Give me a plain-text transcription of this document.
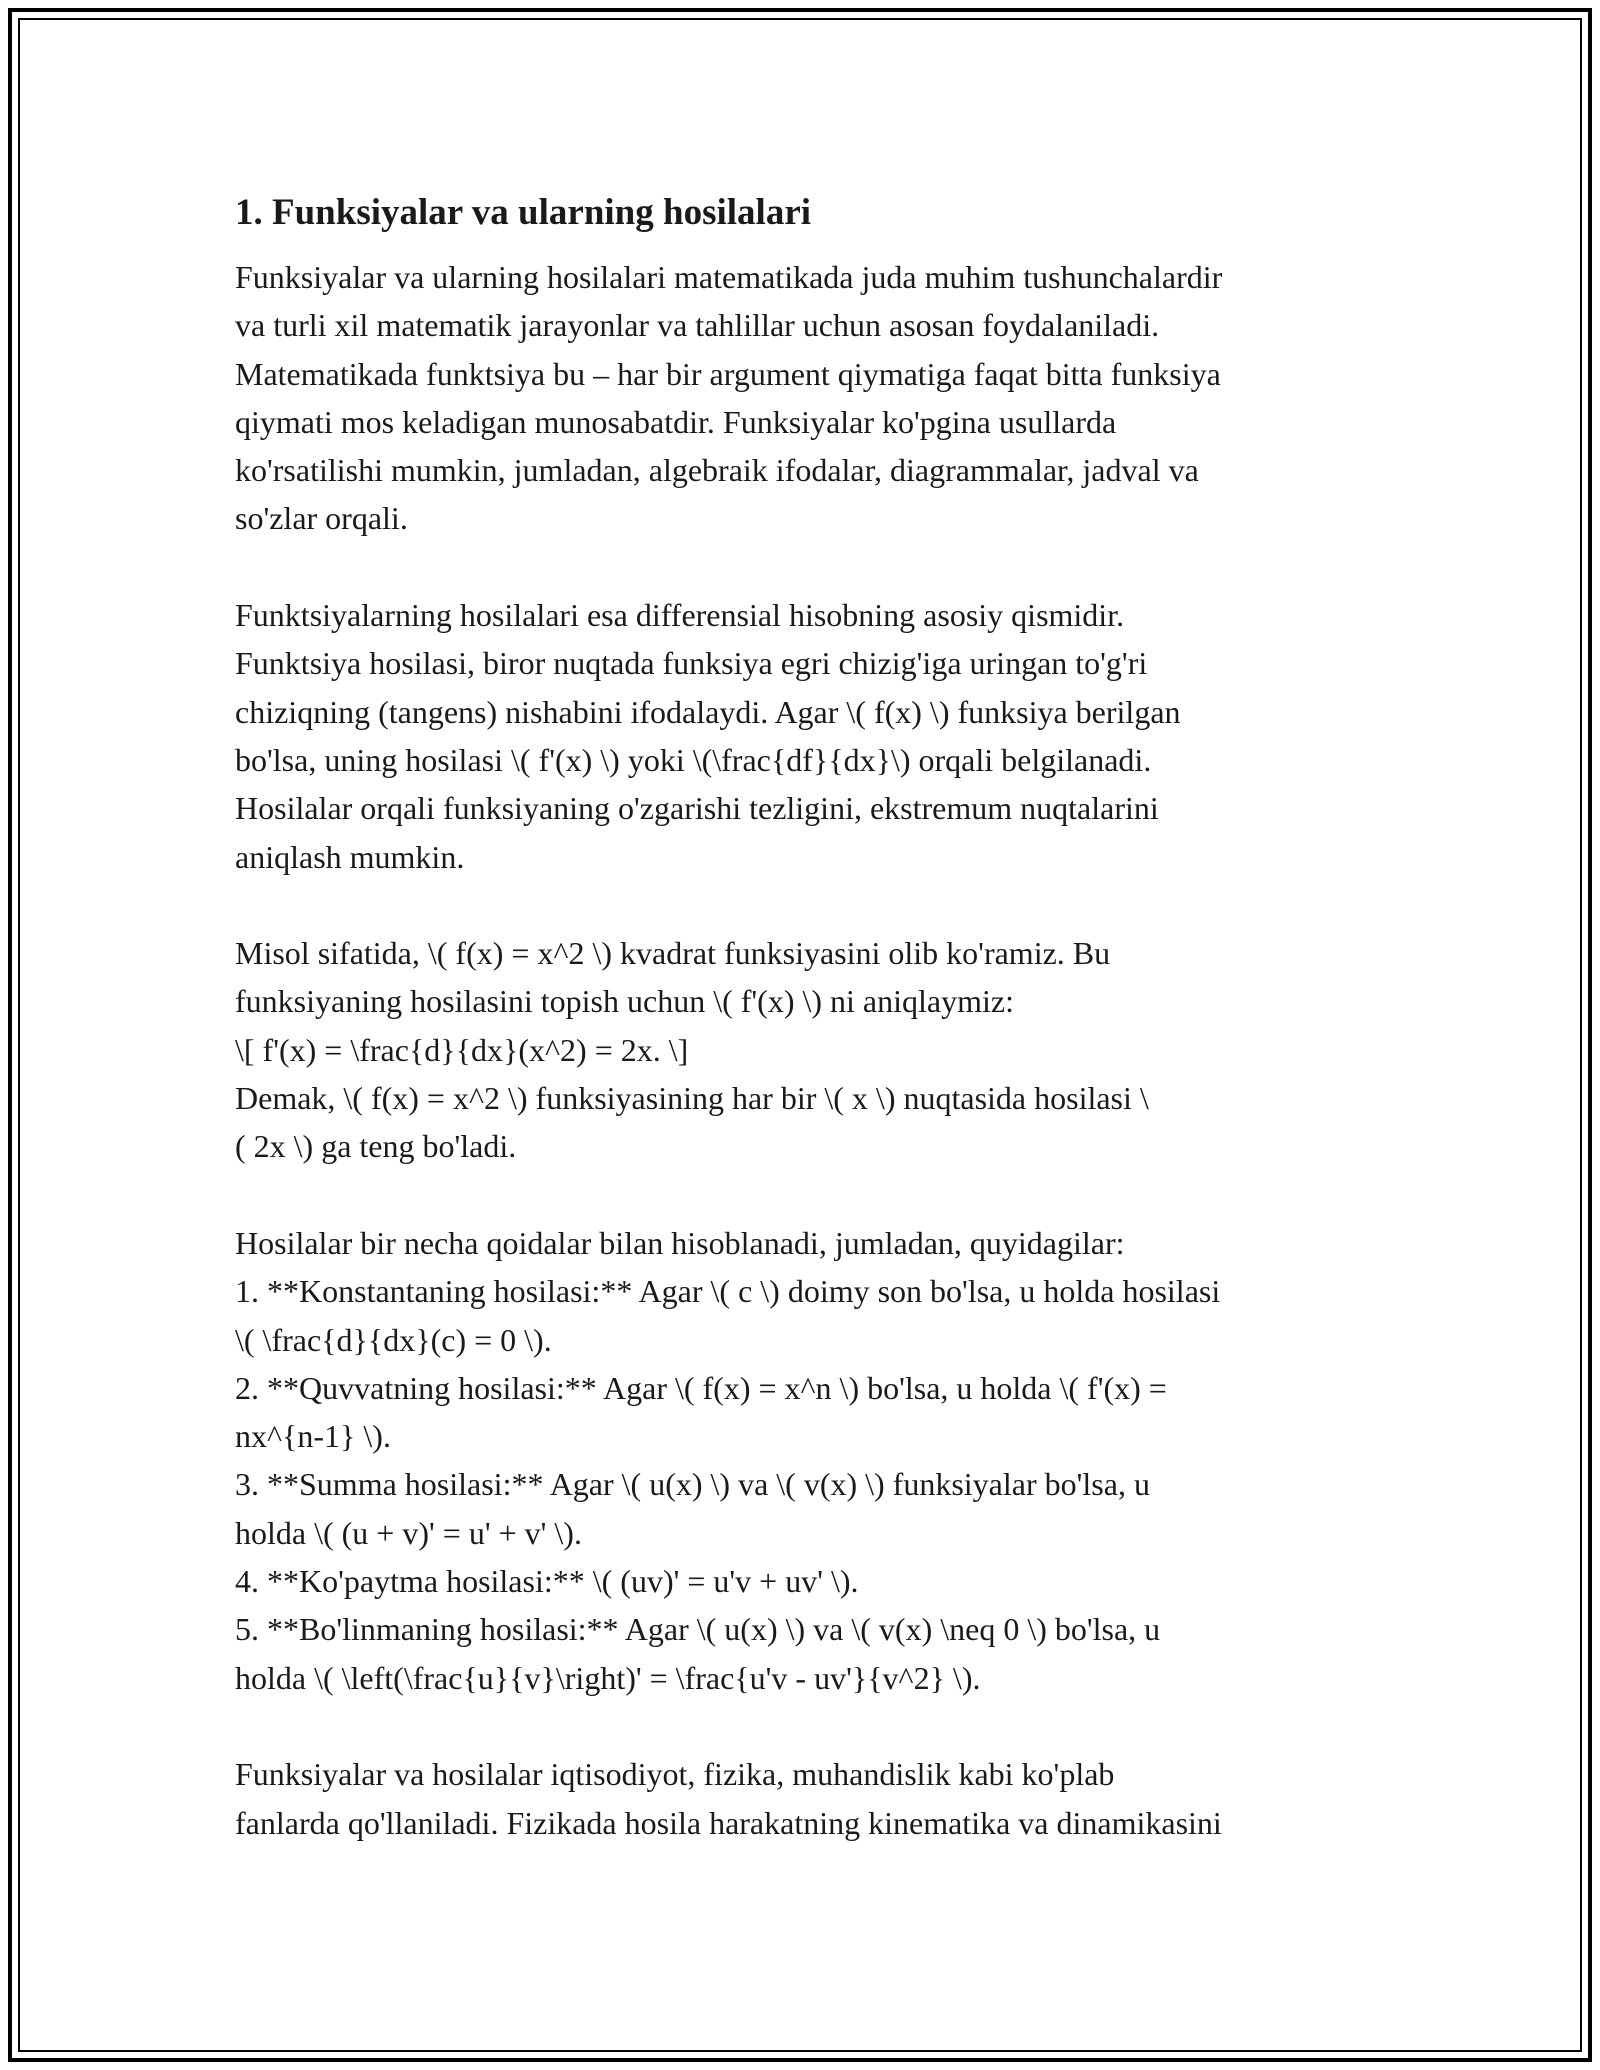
1. Funksiyalar va ularning hosilalari

Funksiyalar va ularning hosilalari matematikada juda muhim tushunchalardir
va turli xil matematik jarayonlar va tahlillar uchun asosan foydalaniladi.
Matematikada funktsiya bu – har bir argument qiymatiga faqat bitta funksiya
qiymati mos keladigan munosabatdir. Funksiyalar ko'pgina usullarda
ko'rsatilishi mumkin, jumladan, algebraik ifodalar, diagrammalar, jadval va
so'zlar orqali.

Funktsiyalarning hosilalari esa differensial hisobning asosiy qismidir.
Funktsiya hosilasi, biror nuqtada funksiya egri chizig'iga uringan to'g'ri
chiziqning (tangens) nishabini ifodalaydi. Agar \( f(x) \) funksiya berilgan
bo'lsa, uning hosilasi \( f'(x) \) yoki \(\frac{df}{dx}\) orqali belgilanadi.
Hosilalar orqali funksiyaning o'zgarishi tezligini, ekstremum nuqtalarini
aniqlash mumkin.

Misol sifatida, \( f(x) = x^2 \) kvadrat funksiyasini olib ko'ramiz. Bu
funksiyaning hosilasini topish uchun \( f'(x) \) ni aniqlaymiz:
\[ f'(x) = \frac{d}{dx}(x^2) = 2x. \]
Demak, \( f(x) = x^2 \) funksiyasining har bir \( x \) nuqtasida hosilasi \
( 2x \) ga teng bo'ladi.

Hosilalar bir necha qoidalar bilan hisoblanadi, jumladan, quyidagilar:
1. **Konstantaning hosilasi:** Agar \( c \) doimy son bo'lsa, u holda hosilasi
\( \frac{d}{dx}(c) = 0 \).
2. **Quvvatning hosilasi:** Agar \( f(x) = x^n \) bo'lsa, u holda \( f'(x) =
nx^{n-1} \).
3. **Summa hosilasi:** Agar \( u(x) \) va \( v(x) \) funksiyalar bo'lsa, u
holda \( (u + v)' = u' + v' \).
4. **Ko'paytma hosilasi:** \( (uv)' = u'v + uv' \).
5. **Bo'linmaning hosilasi:** Agar \( u(x) \) va \( v(x) \neq 0 \) bo'lsa, u
holda \( \left(\frac{u}{v}\right)' = \frac{u'v - uv'}{v^2} \).

Funksiyalar va hosilalar iqtisodiyot, fizika, muhandislik kabi ko'plab
fanlarda qo'llaniladi. Fizikada hosila harakatning kinematika va dinamikasini
